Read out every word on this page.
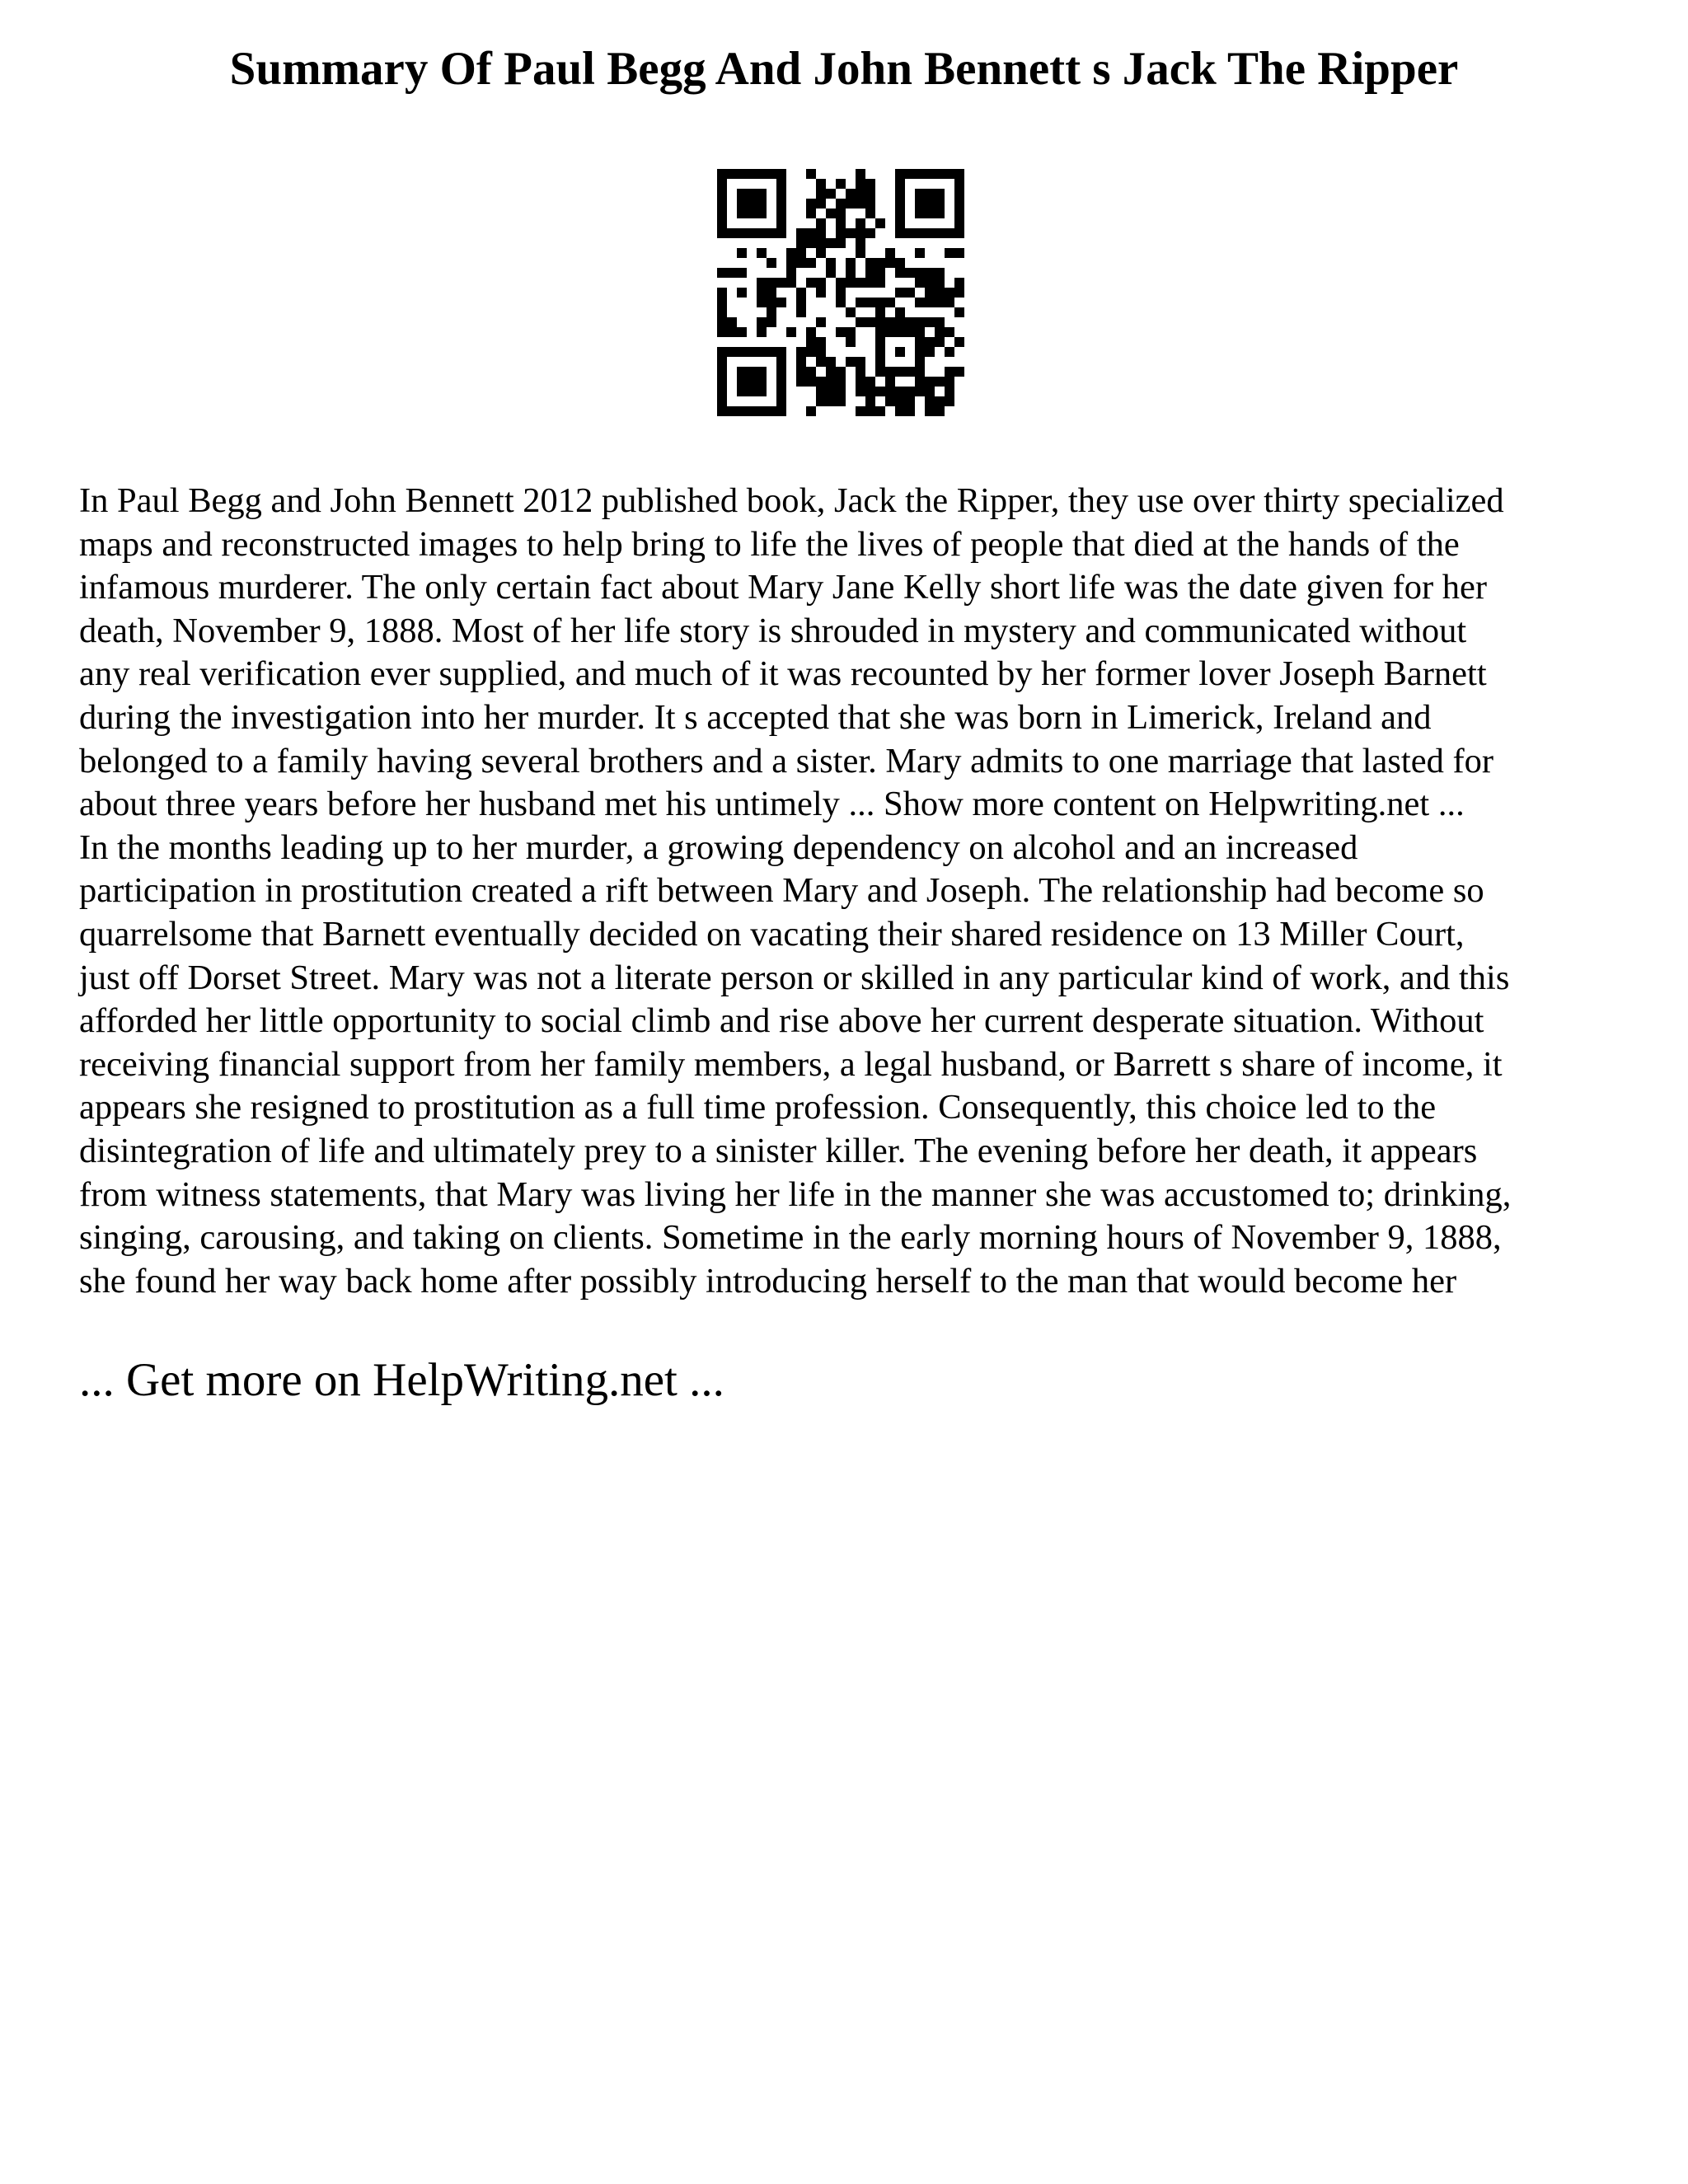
Summary Of Paul Begg And John Bennett s Jack The Ripper
In Paul Begg and John Bennett 2012 published book, Jack the Ripper, they use over thirty specialized
maps and reconstructed images to help bring to life the lives of people that died at the hands of the
infamous murderer. The only certain fact about Mary Jane Kelly short life was the date given for her
death, November 9, 1888. Most of her life story is shrouded in mystery and communicated without
any real verification ever supplied, and much of it was recounted by her former lover Joseph Barnett
during the investigation into her murder. It s accepted that she was born in Limerick, Ireland and
belonged to a family having several brothers and a sister. Mary admits to one marriage that lasted for
about three years before her husband met his untimely ... Show more content on Helpwriting.net ...
In the months leading up to her murder, a growing dependency on alcohol and an increased
participation in prostitution created a rift between Mary and Joseph. The relationship had become so
quarrelsome that Barnett eventually decided on vacating their shared residence on 13 Miller Court,
just off Dorset Street. Mary was not a literate person or skilled in any particular kind of work, and this
afforded her little opportunity to social climb and rise above her current desperate situation. Without
receiving financial support from her family members, a legal husband, or Barrett s share of income, it
appears she resigned to prostitution as a full time profession. Consequently, this choice led to the
disintegration of life and ultimately prey to a sinister killer. The evening before her death, it appears
from witness statements, that Mary was living her life in the manner she was accustomed to; drinking,
singing, carousing, and taking on clients. Sometime in the early morning hours of November 9, 1888,
she found her way back home after possibly introducing herself to the man that would become her
... Get more on HelpWriting.net ...
